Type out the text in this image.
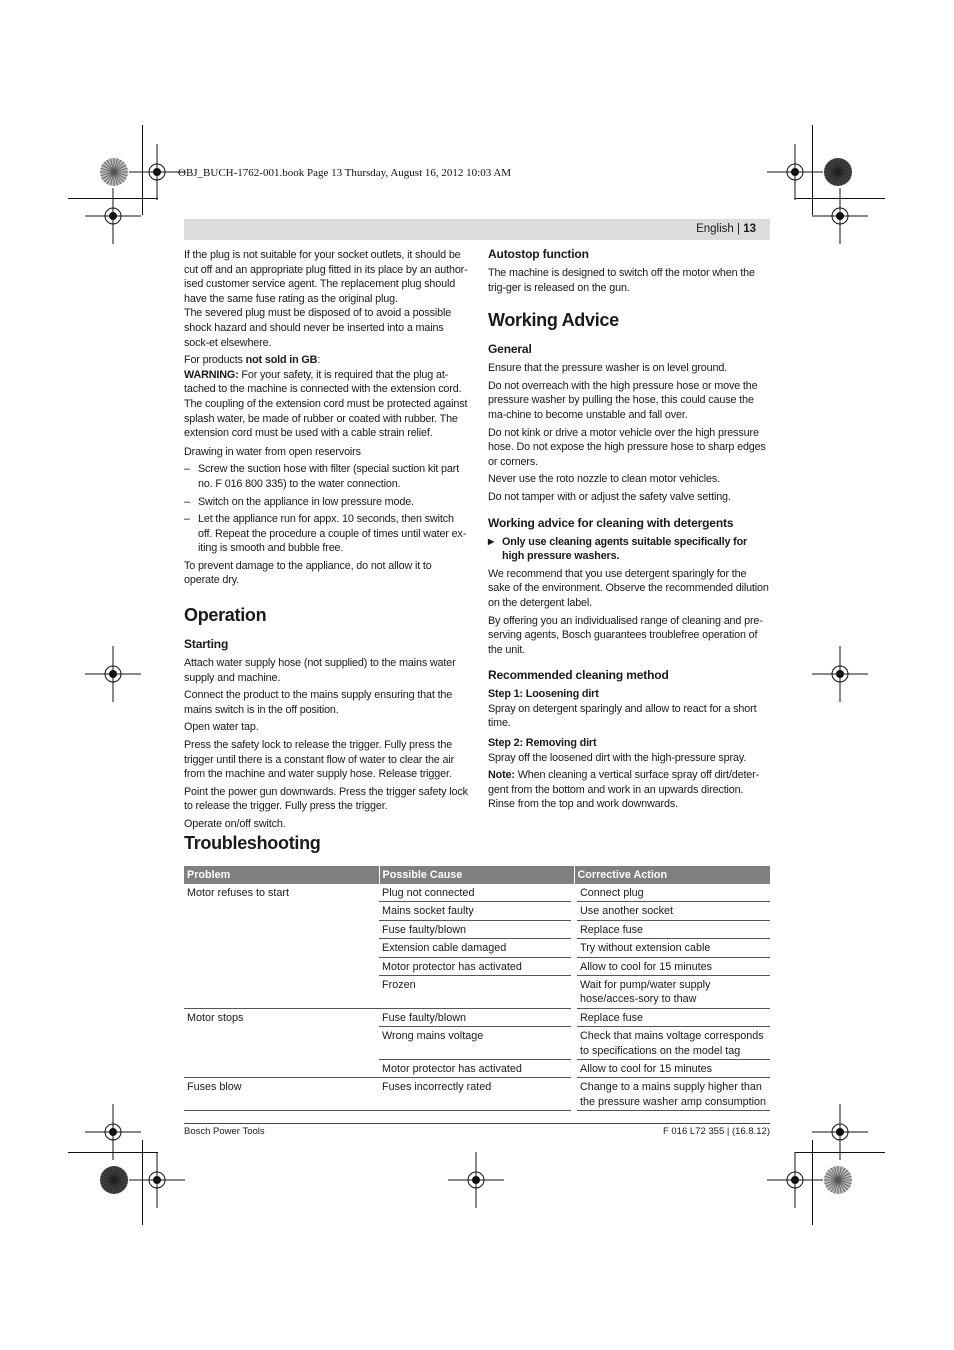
OBJ_BUCH-1762-001.book Page 13 Thursday, August 16, 2012 10:03 AM
English | 13

If the plug is not suitable for your socket outlets, it should be cut off and an appropriate plug fitted in its place by an author-ised customer service agent. The replacement plug should have the same fuse rating as the original plug.

The severed plug must be disposed of to avoid a possible shock hazard and should never be inserted into a mains sock-et elsewhere.

For products not sold in GB:

WARNING: For your safety, it is required that the plug at-tached to the machine is connected with the extension cord. The coupling of the extension cord must be protected against splash water, be made of rubber or coated with rubber. The extension cord must be used with a cable strain relief.

Drawing in water from open reservoirs

– Screw the suction hose with filter (special suction kit part no. F 016 800 335) to the water connection.

– Switch on the appliance in low pressure mode.

– Let the appliance run for appx. 10 seconds, then switch off. Repeat the procedure a couple of times until water ex-iting is smooth and bubble free.

To prevent damage to the appliance, do not allow it to operate dry.

Operation
Starting

Attach water supply hose (not supplied) to the mains water supply and machine.

Connect the product to the mains supply ensuring that the mains switch is in the off position.

Open water tap.

Press the safety lock to release the trigger. Fully press the trigger until there is a constant flow of water to clear the air from the machine and water supply hose. Release trigger.

Point the power gun downwards. Press the trigger safety lock to release the trigger. Fully press the trigger.

Operate on/off switch.

Autostop function

The machine is designed to switch off the motor when the trig-ger is released on the gun.

Working Advice
General

Ensure that the pressure washer is on level ground.

Do not overreach with the high pressure hose or move the pressure washer by pulling the hose, this could cause the ma-chine to become unstable and fall over.

Do not kink or drive a motor vehicle over the high pressure hose. Do not expose the high pressure hose to sharp edges or corners.

Never use the roto nozzle to clean motor vehicles.

Do not tamper with or adjust the safety valve setting.

Working advice for cleaning with detergents

▶ Only use cleaning agents suitable specifically for high pressure washers.

We recommend that you use detergent sparingly for the sake of the environment. Observe the recommended dilution on the detergent label.

By offering you an individualised range of cleaning and pre-serving agents, Bosch guarantees troublefree operation of the unit.

Recommended cleaning method
Step 1: Loosening dirt

Spray on detergent sparingly and allow to react for a short time.

Step 2: Removing dirt

Spray off the loosened dirt with the high-pressure spray.

Note: When cleaning a vertical surface spray off dirt/deter-gent from the bottom and work in an upwards direction. Rinse from the top and work downwards.

Troubleshooting
Problem	Possible Cause	Corrective Action
Motor refuses to start	Plug not connected	Connect plug
	Mains socket faulty	Use another socket
	Fuse faulty/blown	Replace fuse
	Extension cable damaged	Try without extension cable
	Motor protector has activated	Allow to cool for 15 minutes
	Frozen	Wait for pump/water supply hose/acces-sory to thaw
Motor stops	Fuse faulty/blown	Replace fuse
	Wrong mains voltage	Check that mains voltage corresponds to specifications on the model tag
	Motor protector has activated	Allow to cool for 15 minutes
Fuses blow	Fuses incorrectly rated	Change to a mains supply higher than the pressure washer amp consumption
Bosch Power Tools	F 016 L72 355 | (16.8.12)
